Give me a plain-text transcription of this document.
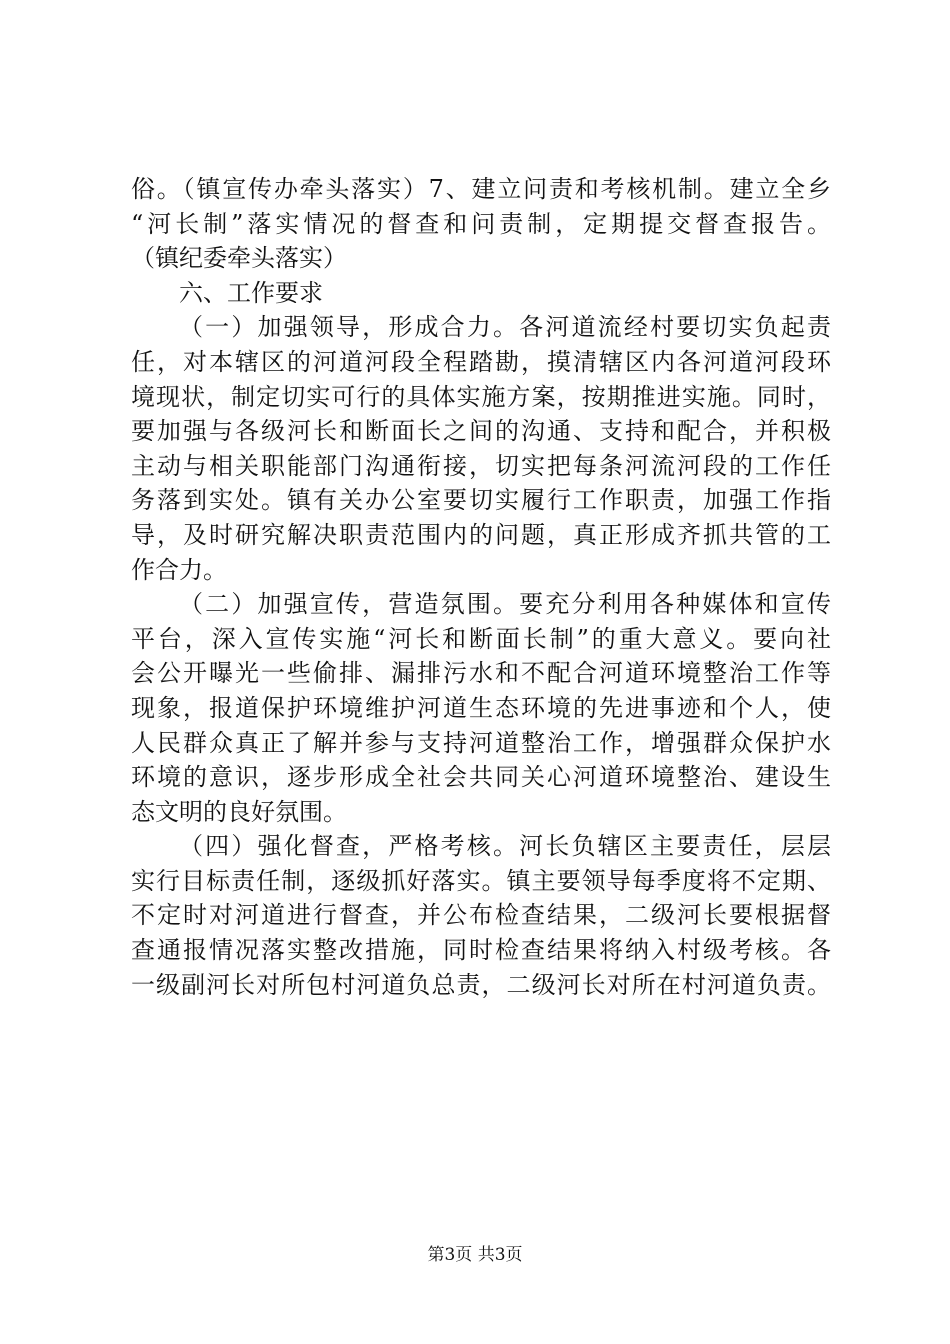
俗。（镇宣传办牵头落实）7、建立问责和考核机制。建立全乡
“河长制”落实情况的督查和问责制，定期提交督查报告。
（镇纪委牵头落实）
六、工作要求
（一）加强领导，形成合力。各河道流经村要切实负起责
任，对本辖区的河道河段全程踏勘，摸清辖区内各河道河段环
境现状，制定切实可行的具体实施方案，按期推进实施。同时，
要加强与各级河长和断面长之间的沟通、支持和配合，并积极
主动与相关职能部门沟通衔接，切实把每条河流河段的工作任
务落到实处。镇有关办公室要切实履行工作职责，加强工作指
导，及时研究解决职责范围内的问题，真正形成齐抓共管的工
作合力。
（二）加强宣传，营造氛围。要充分利用各种媒体和宣传
平台，深入宣传实施“河长和断面长制”的重大意义。要向社
会公开曝光一些偷排、漏排污水和不配合河道环境整治工作等
现象，报道保护环境维护河道生态环境的先进事迹和个人，使
人民群众真正了解并参与支持河道整治工作，增强群众保护水
环境的意识，逐步形成全社会共同关心河道环境整治、建设生
态文明的良好氛围。
（四）强化督查，严格考核。河长负辖区主要责任，层层
实行目标责任制，逐级抓好落实。镇主要领导每季度将不定期、
不定时对河道进行督查，并公布检查结果，二级河长要根据督
查通报情况落实整改措施，同时检查结果将纳入村级考核。各
一级副河长对所包村河道负总责，二级河长对所在村河道负责。
第3页 共3页
